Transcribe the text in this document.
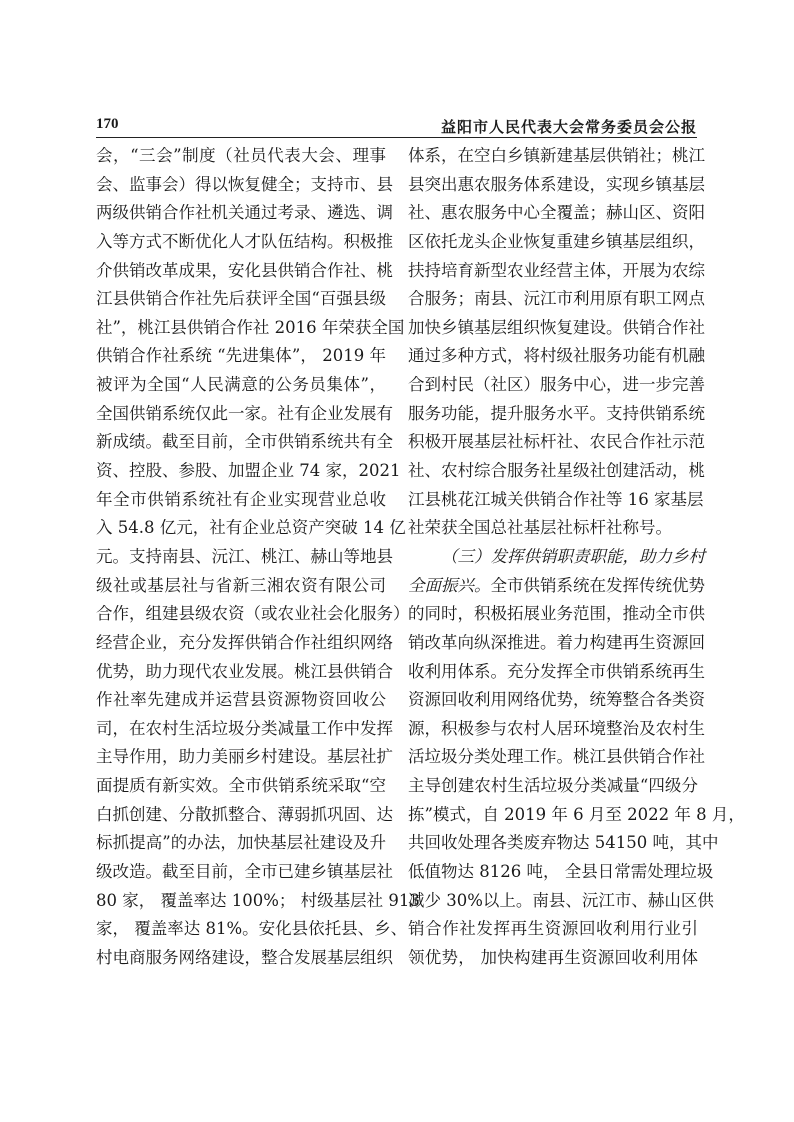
170	益阳市人民代表大会常务委员会公报
会，“三会”制度（社员代表大会、理事
会、监事会）得以恢复健全；支持市、县
两级供销合作社机关通过考录、遴选、调
入等方式不断优化人才队伍结构。积极推
介供销改革成果，安化县供销合作社、桃
江县供销合作社先后获评全国“百强县级
社”，桃江县供销合作社 2016 年荣获全国
供销合作社系统 “先进集体”， 2019 年
被评为全国“人民满意的公务员集体”，
全国供销系统仅此一家。社有企业发展有
新成绩。截至目前，全市供销系统共有全
资、控股、参股、加盟企业 74 家，2021
年全市供销系统社有企业实现营业总收
入 54.8 亿元，社有企业总资产突破 14 亿
元。支持南县、沅江、桃江、赫山等地县
级社或基层社与省新三湘农资有限公司
合作，组建县级农资（或农业社会化服务）
经营企业，充分发挥供销合作社组织网络
优势，助力现代农业发展。桃江县供销合
作社率先建成并运营县资源物资回收公
司，在农村生活垃圾分类减量工作中发挥
主导作用，助力美丽乡村建设。基层社扩
面提质有新实效。全市供销系统采取“空
白抓创建、分散抓整合、薄弱抓巩固、达
标抓提高”的办法，加快基层社建设及升
级改造。截至目前，全市已建乡镇基层社
80 家， 覆盖率达 100%； 村级基层社 913
家， 覆盖率达 81%。安化县依托县、乡、
村电商服务网络建设，整合发展基层组织
体系，在空白乡镇新建基层供销社；桃江
县突出惠农服务体系建设，实现乡镇基层
社、惠农服务中心全覆盖；赫山区、资阳
区依托龙头企业恢复重建乡镇基层组织，
扶持培育新型农业经营主体，开展为农综
合服务；南县、沅江市利用原有职工网点
加快乡镇基层组织恢复建设。供销合作社
通过多种方式，将村级社服务功能有机融
合到村民（社区）服务中心，进一步完善
服务功能，提升服务水平。支持供销系统
积极开展基层社标杆社、农民合作社示范
社、农村综合服务社星级社创建活动，桃
江县桃花江城关供销合作社等 16 家基层
社荣获全国总社基层社标杆社称号。
（三）发挥供销职责职能，助力乡村
全面振兴。全市供销系统在发挥传统优势
的同时，积极拓展业务范围，推动全市供
销改革向纵深推进。着力构建再生资源回
收利用体系。充分发挥全市供销系统再生
资源回收利用网络优势，统筹整合各类资
源，积极参与农村人居环境整治及农村生
活垃圾分类处理工作。桃江县供销合作社
主导创建农村生活垃圾分类减量“四级分
拣”模式，自 2019 年 6 月至 2022 年 8 月，
共回收处理各类废弃物达 54150 吨，其中
低值物达 8126 吨， 全县日常需处理垃圾
减少 30%以上。南县、沅江市、赫山区供
销合作社发挥再生资源回收利用行业引
领优势， 加快构建再生资源回收利用体
